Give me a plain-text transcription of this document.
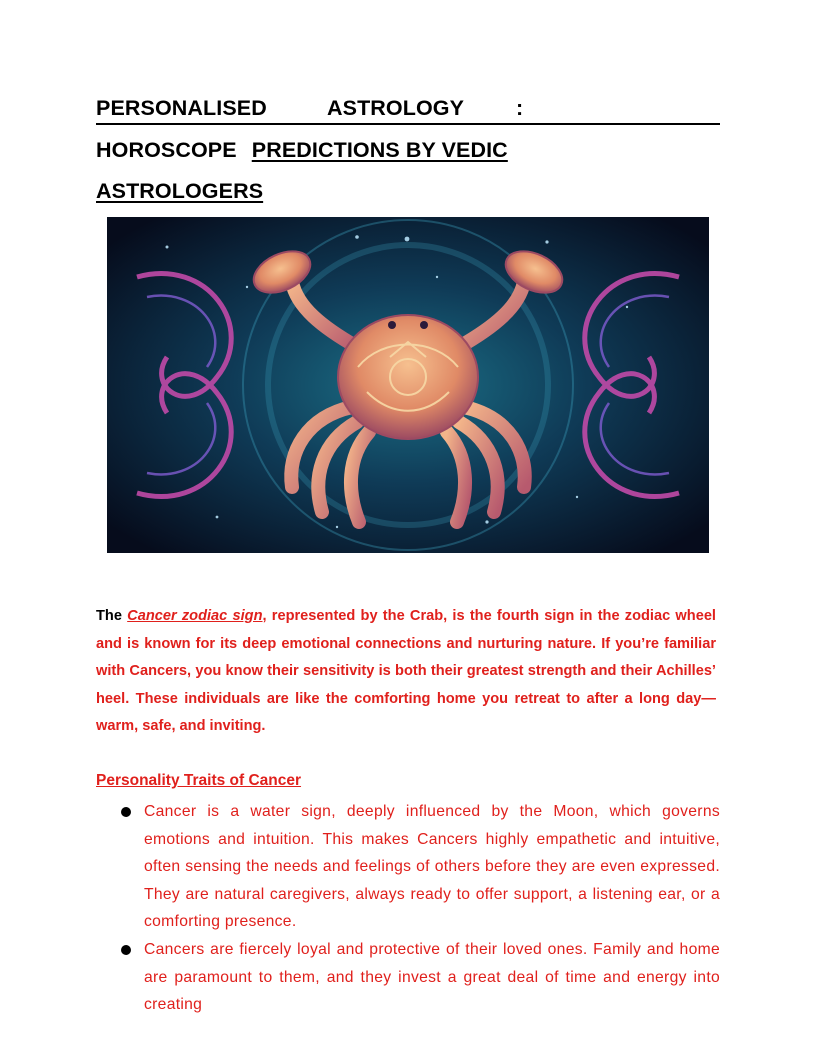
PERSONALISED	ASTROLOGY :
HOROSCOPE PREDICTIONS BY VEDIC
ASTROLOGERS
The Cancer zodiac sign, represented by the Crab, is the fourth sign in the zodiac wheel and is known for its deep emotional connections and nurturing nature. If you’re familiar with Cancers, you know their sensitivity is both their greatest strength and their Achilles’ heel. These individuals are like the comforting home you retreat to after a long day—warm, safe, and inviting.
Personality Traits of Cancer
Cancer is a water sign, deeply influenced by the Moon, which governs emotions and intuition. This makes Cancers highly empathetic and intuitive, often sensing the needs and feelings of others before they are even expressed. They are natural caregivers, always ready to offer support, a listening ear, or a comforting presence.
Cancers are fiercely loyal and protective of their loved ones. Family and home are paramount to them, and they invest a great deal of time and energy into creating
